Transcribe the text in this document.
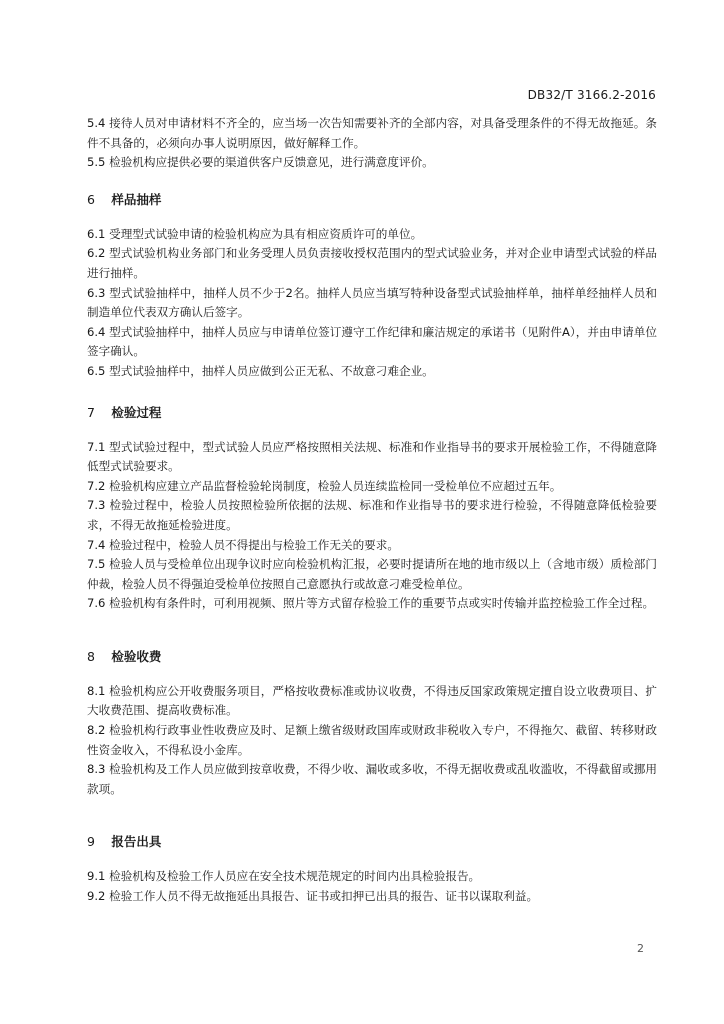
DB32/T 3166.2-2016

5.4 接待人员对申请材料不齐全的，应当场一次告知需要补齐的全部内容，对具备受理条件的不得无故拖延。条件不具备的，必须向办事人说明原因，做好解释工作。

5.5 检验机构应提供必要的渠道供客户反馈意见，进行满意度评价。

6 样品抽样

6.1 受理型式试验申请的检验机构应为具有相应资质许可的单位。

6.2 型式试验机构业务部门和业务受理人员负责接收授权范围内的型式试验业务，并对企业申请型式试验的样品进行抽样。

6.3 型式试验抽样中，抽样人员不少于2名。抽样人员应当填写特种设备型式试验抽样单，抽样单经抽样人员和制造单位代表双方确认后签字。

6.4 型式试验抽样中，抽样人员应与申请单位签订遵守工作纪律和廉洁规定的承诺书（见附件A），并由申请单位签字确认。

6.5 型式试验抽样中，抽样人员应做到公正无私、不故意刁难企业。

7 检验过程

7.1 型式试验过程中，型式试验人员应严格按照相关法规、标准和作业指导书的要求开展检验工作，不得随意降低型式试验要求。

7.2 检验机构应建立产品监督检验轮岗制度，检验人员连续监检同一受检单位不应超过五年。

7.3 检验过程中，检验人员按照检验所依据的法规、标准和作业指导书的要求进行检验，不得随意降低检验要求，不得无故拖延检验进度。

7.4 检验过程中，检验人员不得提出与检验工作无关的要求。

7.5 检验人员与受检单位出现争议时应向检验机构汇报，必要时提请所在地的地市级以上（含地市级）质检部门仲裁，检验人员不得强迫受检单位按照自己意愿执行或故意刁难受检单位。

7.6 检验机构有条件时，可利用视频、照片等方式留存检验工作的重要节点或实时传输并监控检验工作全过程。

8 检验收费

8.1 检验机构应公开收费服务项目，严格按收费标准或协议收费，不得违反国家政策规定擅自设立收费项目、扩大收费范围、提高收费标准。

8.2 检验机构行政事业性收费应及时、足额上缴省级财政国库或财政非税收入专户，不得拖欠、截留、转移财政性资金收入，不得私设小金库。

8.3 检验机构及工作人员应做到按章收费，不得少收、漏收或多收，不得无据收费或乱收滥收，不得截留或挪用款项。

9 报告出具

9.1 检验机构及检验工作人员应在安全技术规范规定的时间内出具检验报告。

9.2 检验工作人员不得无故拖延出具报告、证书或扣押已出具的报告、证书以谋取利益。

2
